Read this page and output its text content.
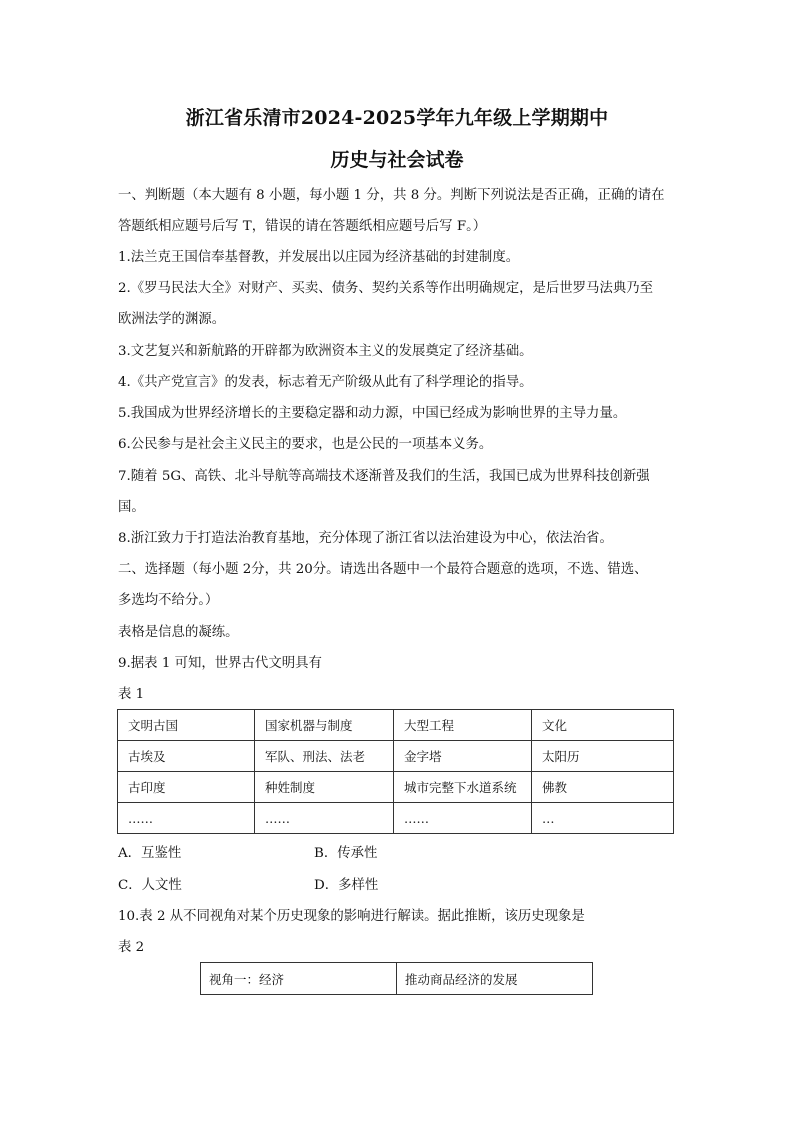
浙江省乐清市2024-2025学年九年级上学期期中
历史与社会试卷
一、判断题（本大题有 8 小题，每小题 1 分，共 8 分。判断下列说法是否正确，正确的请在
答题纸相应题号后写 T，错误的请在答题纸相应题号后写 F。）
1.法兰克王国信奉基督教，并发展出以庄园为经济基础的封建制度。
2.《罗马民法大全》对财产、买卖、债务、契约关系等作出明确规定，是后世罗马法典乃至
欧洲法学的渊源。
3.文艺复兴和新航路的开辟都为欧洲资本主义的发展奠定了经济基础。
4.《共产党宣言》的发表，标志着无产阶级从此有了科学理论的指导。
5.我国成为世界经济增长的主要稳定器和动力源，中国已经成为影响世界的主导力量。
6.公民参与是社会主义民主的要求，也是公民的一项基本义务。
7.随着 5G、高铁、北斗导航等高端技术逐渐普及我们的生活，我国已成为世界科技创新强
国。
8.浙江致力于打造法治教育基地，充分体现了浙江省以法治建设为中心，依法治省。
二、选择题（每小题 2分，共 20分。请选出各题中一个最符合题意的选项，不选、错选、
多选均不给分。）
表格是信息的凝练。
9.据表 1 可知，世界古代文明具有
表 1
文明古国	国家机器与制度	大型工程	文化
古埃及	军队、刑法、法老	金字塔	太阳历
古印度	种姓制度	城市完整下水道系统	佛教
……	……	……	…
A．互鉴性	B．传承性
C．人文性	D．多样性
10.表 2 从不同视角对某个历史现象的影响进行解读。据此推断，该历史现象是
表 2
视角一：经济	推动商品经济的发展
